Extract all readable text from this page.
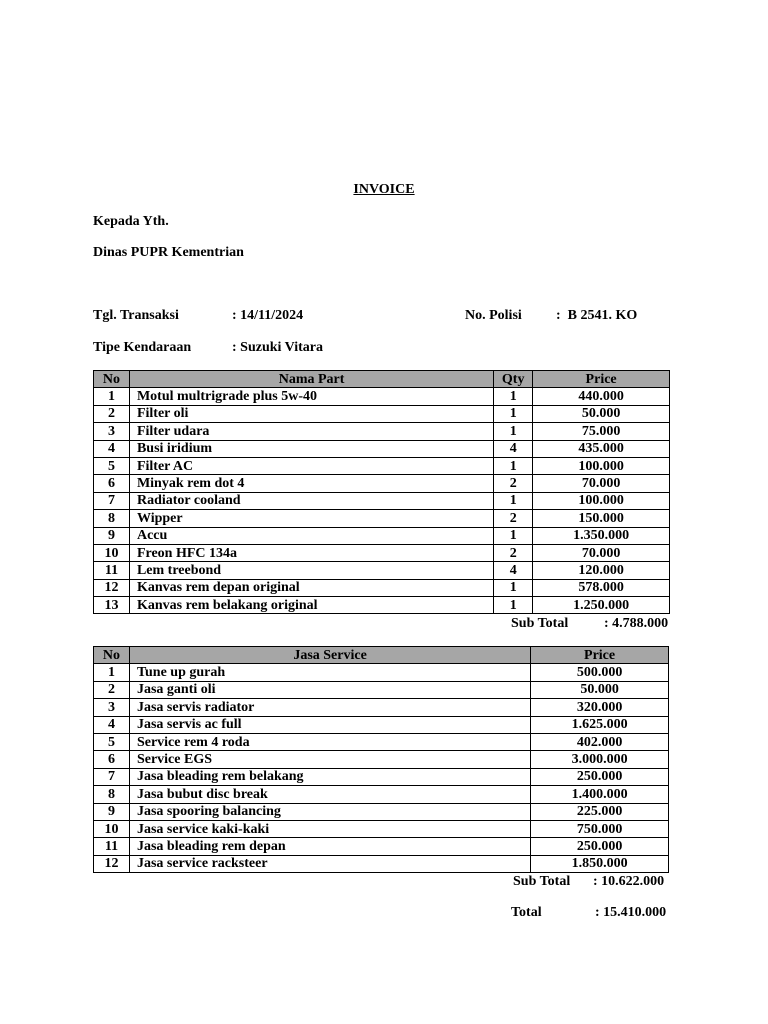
INVOICE
Kepada Yth.
Dinas PUPR Kementrian
Tgl. Transaksi	: 14/11/2024	No. Polisi :  B 2541. KO
Tipe Kendaraan	: Suzuki Vitara
No	Nama Part	Qty	Price
1	Motul multrigrade plus 5w-40	1	440.000
2	Filter oli	1	50.000
3	Filter udara	1	75.000
4	Busi iridium	4	435.000
5	Filter AC	1	100.000
6	Minyak rem dot 4	2	70.000
7	Radiator cooland	1	100.000
8	Wipper	2	150.000
9	Accu	1	1.350.000
10	Freon HFC 134a	2	70.000
11	Lem treebond	4	120.000
12	Kanvas rem depan original	1	578.000
13	Kanvas rem belakang original	1	1.250.000
Sub Total	: 4.788.000
No	Jasa Service	Price
1	Tune up gurah	500.000
2	Jasa ganti oli	50.000
3	Jasa servis radiator	320.000
4	Jasa servis ac full	1.625.000
5	Service rem 4 roda	402.000
6	Service EGS	3.000.000
7	Jasa bleading rem belakang	250.000
8	Jasa bubut disc break	1.400.000
9	Jasa spooring balancing	225.000
10	Jasa service kaki-kaki	750.000
11	Jasa bleading rem depan	250.000
12	Jasa service racksteer	1.850.000
Sub Total : 10.622.000
Total	: 15.410.000
